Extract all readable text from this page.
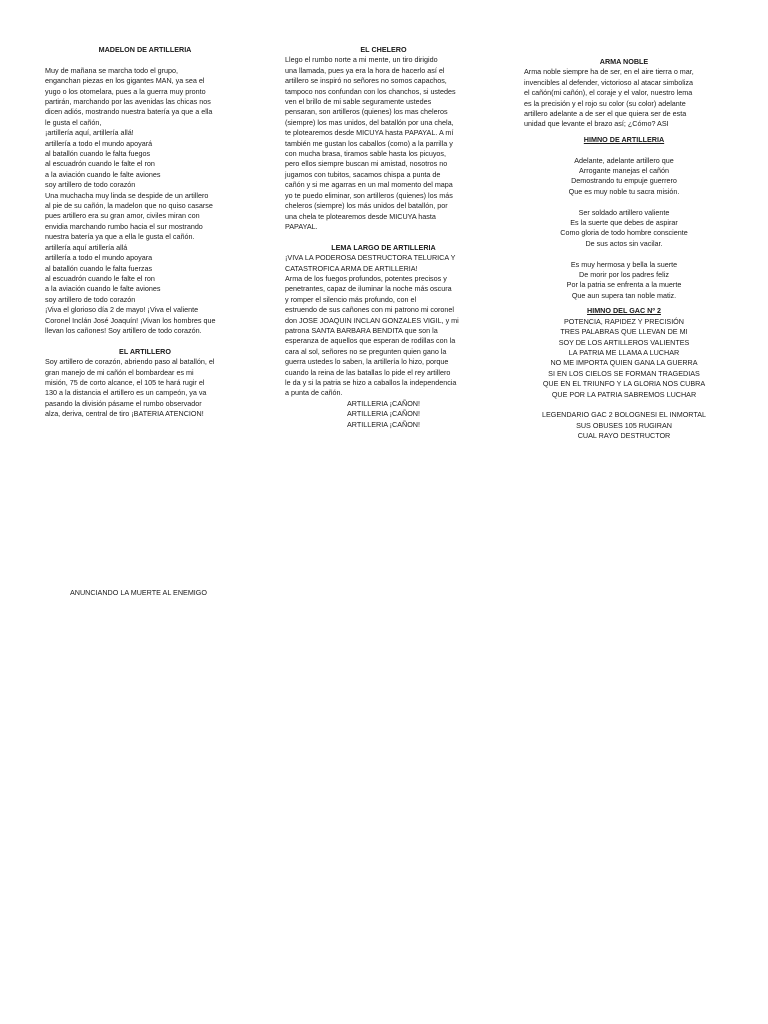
MADELON DE ARTILLERIA

Muy de mañana se marcha todo el grupo,
enganchan piezas en los gigantes MAN, ya sea el
yugo o los otomelara, pues a la guerra muy pronto
partirán, marchando por las avenidas las chicas nos
dicen adiós, mostrando nuestra batería ya que a ella
le gusta el cañón,
¡artillería aquí, artillería allá!
artillería a todo el mundo apoyará
al batallón cuando le falta fuegos
al escuadrón cuando le falte el ron
a la aviación cuando le falte aviones
soy artillero de todo corazón
Una muchacha muy linda se despide de un artillero
al pie de su cañón, la madelon que no quiso casarse
pues artillero era su gran amor, civiles miran con
envidia marchando rumbo hacia el sur mostrando
nuestra batería ya que a ella le gusta el cañón.
artillería aquí artillería allá
artillería a todo el mundo apoyara
al batallón cuando le falta fuerzas
al escuadrón cuando le falte el ron
a la aviación cuando le falte aviones
soy artillero de todo corazón
¡Viva el glorioso día 2 de mayo! ¡Viva el valiente
Coronel Inclán José Joaquín! ¡Vivan los hombres que
llevan los cañones! Soy artillero de todo corazón.

EL ARTILLERO

Soy artillero de corazón, abriendo paso al batallón, el
gran manejo de mi cañón el bombardear es mi
misión, 75 de corto alcance, el 105 te hará rugir el
130 a la distancia el artillero es un campeón, ya va
pasando la división pásame el rumbo observador
alza, deriva, central de tiro ¡BATERIA ATENCION!

EL CHELERO

Llego el rumbo norte a mi mente, un tiro dirigido
una llamada, pues ya era la hora de hacerlo así el
artillero se inspiró no señores no somos capachos,
tampoco nos confundan con los chanchos, si ustedes
ven el brillo de mi sable seguramente ustedes
pensaran, son artilleros (quienes) los mas cheleros
(siempre) los mas unidos, del batallón por una chela,
te plotearemos desde MICUYA hasta PAPAYAL. A mí
también me gustan los caballos (como) a la parrilla y
con mucha brasa, tiramos sable hasta los picuyos,
pero ellos siempre buscan mi amistad, nosotros no
jugamos con tubitos, sacamos chispa a punta de
cañón y si me agarras en un mal momento del mapa
yo te puedo eliminar, son artilleros (quienes) los más
cheleros (siempre) los más unidos del batallón, por
una chela te plotearemos desde MICUYA hasta
PAPAYAL.

LEMA LARGO DE ARTILLERIA

¡VIVA LA PODEROSA DESTRUCTORA TELURICA Y
CATASTROFICA ARMA DE ARTILLERIA!
Arma de los fuegos profundos, potentes precisos y
penetrantes, capaz de iluminar la noche más oscura
y romper el silencio más profundo, con el
estruendo de sus cañones con mi patrono mi coronel
don JOSE JOAQUIN INCLAN GONZALES VIGIL, y mi
patrona SANTA BARBARA BENDITA que son la
esperanza de aquellos que esperan de rodillas con la
cara al sol, señores no se pregunten quien gano la
guerra ustedes lo saben, la artillería lo hizo, porque
cuando la reina de las batallas lo pide el rey artillero
le da y si la patria se hizo a caballos la independencia
a punta de cañón.
ARTILLERIA ¡CAÑON!
ARTILLERIA ¡CAÑON!
ARTILLERIA ¡CAÑON!

ARMA NOBLE

Arma noble siempre ha de ser, en el aire tierra o mar,
invencibles al defender, victorioso al atacar simboliza
el cañón(mi cañón), el coraje y el valor, nuestro lema
es la precisión y el rojo su color (su color) adelante
artillero adelante a de ser el que quiera ser de esta
unidad que levante el brazo así; ¿Cómo? ASI

HIMNO DE ARTILLERIA

Adelante, adelante artillero que
Arrogante manejas el cañón
Demostrando tu empuje guerrero
Que es muy noble tu sacra misión.
Ser soldado artillero valiente
Es la suerte que debes de aspirar
Como gloria de todo hombre consciente
De sus actos sin vacilar.
Es muy hermosa y bella la suerte
De morir por los padres feliz
Por la patria se enfrenta a la muerte
Que aun supera tan noble matiz.

HIMNO DEL GAC Nº 2

POTENCIA, RAPIDEZ Y PRECISIÓN
TRES PALABRAS QUE LLEVAN DE MI
SOY DE LOS ARTILLEROS VALIENTES
LA PATRIA ME LLAMA A LUCHAR
NO ME IMPORTA QUIEN GANA LA GUERRA
SI EN LOS CIELOS SE FORMAN TRAGEDIAS
QUE EN EL TRIUNFO Y LA GLORIA NOS CUBRA
QUE POR LA PATRIA SABREMOS LUCHAR
LEGENDARIO GAC 2 BOLOGNESI EL INMORTAL
SUS OBUSES 105 RUGIRAN
CUAL RAYO DESTRUCTOR
ANUNCIANDO LA MUERTE AL ENEMIGO
